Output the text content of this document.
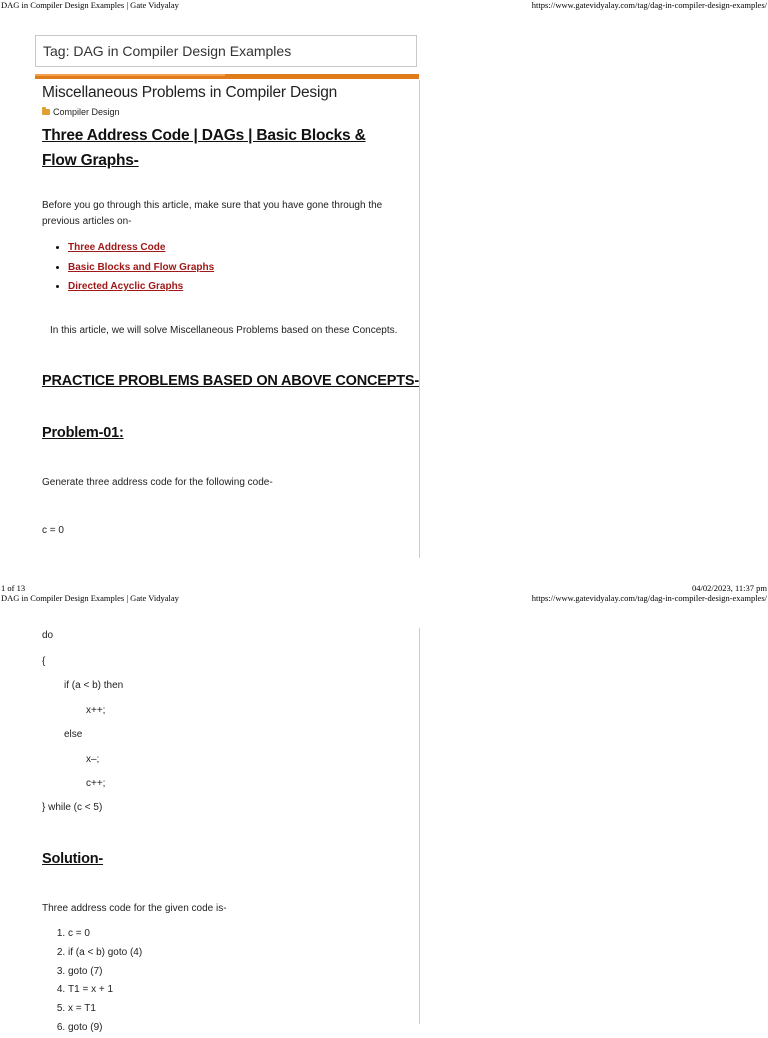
DAG in Compiler Design Examples | Gate Vidyalay	https://www.gatevidyalay.com/tag/dag-in-compiler-design-examples/
Tag: DAG in Compiler Design Examples
Miscellaneous Problems in Compiler Design
Compiler Design
Three Address Code | DAGs | Basic Blocks & Flow Graphs-
Before you go through this article, make sure that you have gone through the previous articles on-
• Three Address Code
• Basic Blocks and Flow Graphs
• Directed Acyclic Graphs
In this article, we will solve Miscellaneous Problems based on these Concepts.
PRACTICE PROBLEMS BASED ON ABOVE CONCEPTS-
Problem-01:
Generate three address code for the following code-
c = 0
1 of 13	04/02/2023, 11:37 pm
DAG in Compiler Design Examples | Gate Vidyalay	https://www.gatevidyalay.com/tag/dag-in-compiler-design-examples/
do
{
if (a < b) then
x++;
else
x–;
c++;
} while (c < 5)
Solution-
Three address code for the given code is-
1. c = 0
2. if (a < b) goto (4)
3. goto (7)
4. T1 = x + 1
5. x = T1
6. goto (9)
